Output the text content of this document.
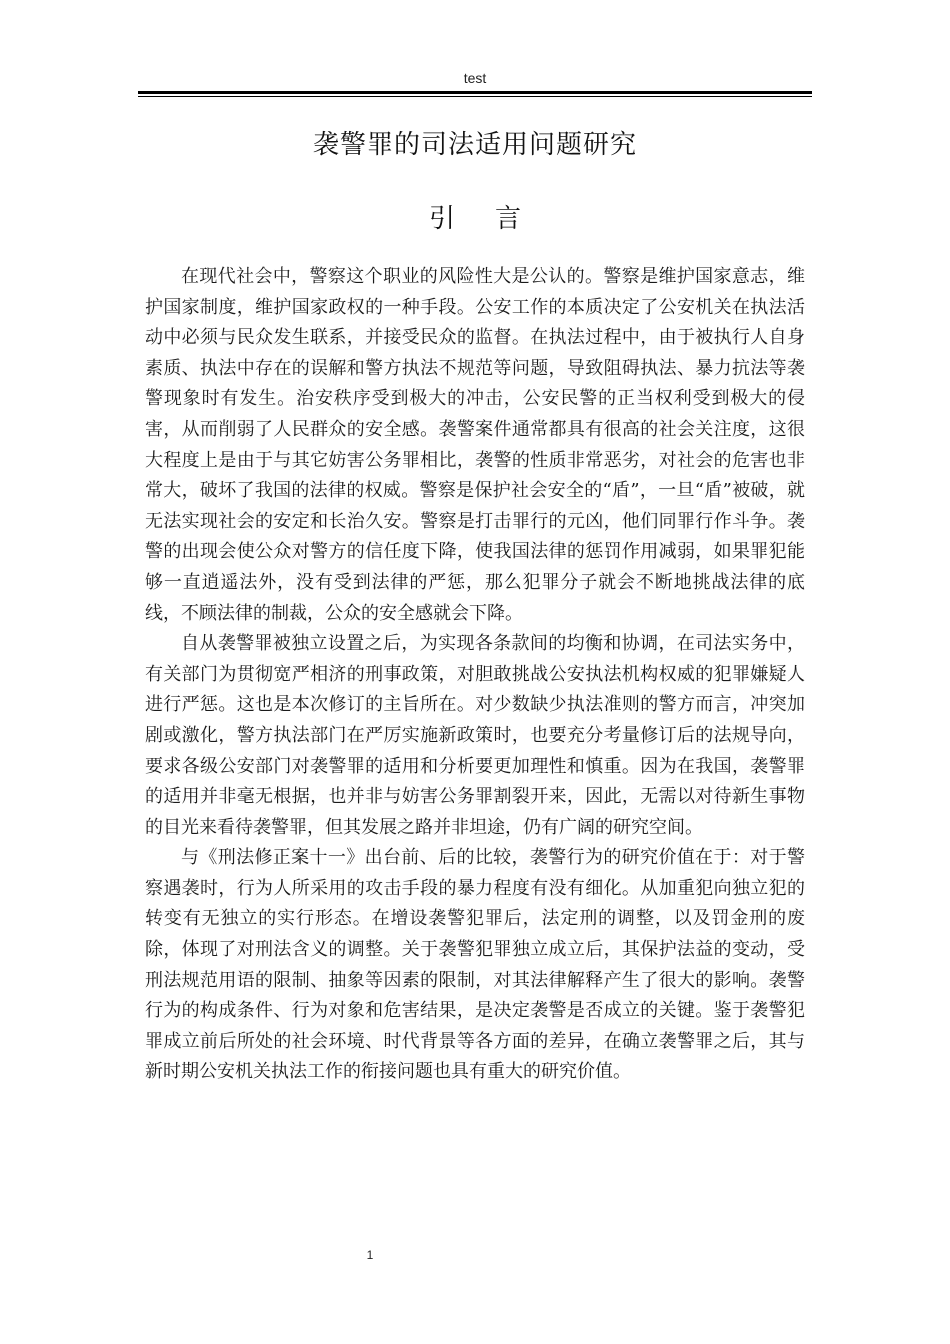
test
袭警罪的司法适用问题研究
引言

在现代社会中，警察这个职业的风险性大是公认的。警察是维护国家意志，维护国家制度，维护国家政权的一种手段。公安工作的本质决定了公安机关在执法活动中必须与民众发生联系，并接受民众的监督。在执法过程中，由于被执行人自身素质、执法中存在的误解和警方执法不规范等问题，导致阻碍执法、暴力抗法等袭警现象时有发生。治安秩序受到极大的冲击，公安民警的正当权利受到极大的侵害，从而削弱了人民群众的安全感。袭警案件通常都具有很高的社会关注度，这很大程度上是由于与其它妨害公务罪相比，袭警的性质非常恶劣，对社会的危害也非常大，破坏了我国的法律的权威。警察是保护社会安全的“盾”，一旦“盾”被破，就无法实现社会的安定和长治久安。警察是打击罪行的元凶，他们同罪行作斗争。袭警的出现会使公众对警方的信任度下降，使我国法律的惩罚作用减弱，如果罪犯能够一直逍遥法外，没有受到法律的严惩，那么犯罪分子就会不断地挑战法律的底线，不顾法律的制裁，公众的安全感就会下降。

自从袭警罪被独立设置之后，为实现各条款间的均衡和协调，在司法实务中，有关部门为贯彻宽严相济的刑事政策，对胆敢挑战公安执法机构权威的犯罪嫌疑人进行严惩。这也是本次修订的主旨所在。对少数缺少执法准则的警方而言，冲突加剧或激化，警方执法部门在严厉实施新政策时，也要充分考量修订后的法规导向，要求各级公安部门对袭警罪的适用和分析要更加理性和慎重。因为在我国，袭警罪的适用并非毫无根据，也并非与妨害公务罪割裂开来，因此，无需以对待新生事物的目光来看待袭警罪，但其发展之路并非坦途，仍有广阔的研究空间。

与《刑法修正案十一》出台前、后的比较，袭警行为的研究价值在于：对于警察遇袭时，行为人所采用的攻击手段的暴力程度有没有细化。从加重犯向独立犯的转变有无独立的实行形态。在增设袭警犯罪后，法定刑的调整，以及罚金刑的废除，体现了对刑法含义的调整。关于袭警犯罪独立成立后，其保护法益的变动，受刑法规范用语的限制、抽象等因素的限制，对其法律解释产生了很大的影响。袭警行为的构成条件、行为对象和危害结果，是决定袭警是否成立的关键。鉴于袭警犯罪成立前后所处的社会环境、时代背景等各方面的差异，在确立袭警罪之后，其与新时期公安机关执法工作的衔接问题也具有重大的研究价值。

1
